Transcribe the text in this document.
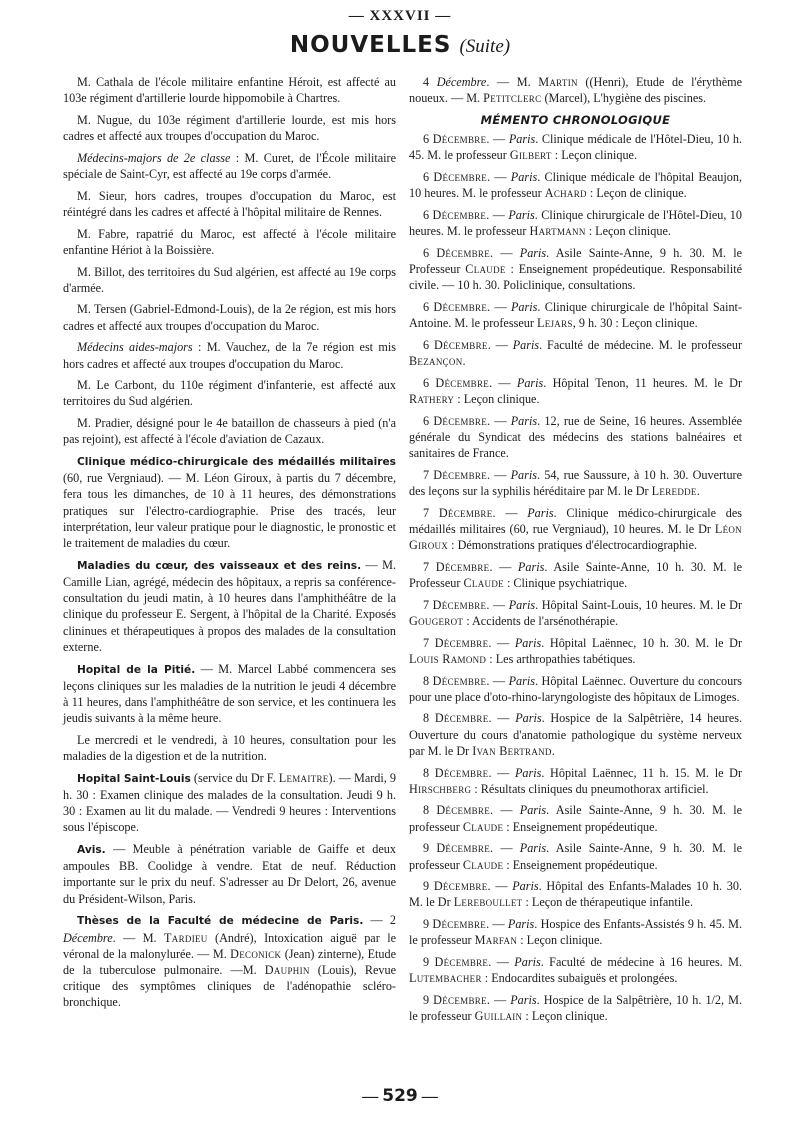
— XXXVII —
NOUVELLES (Suite)

M. Cathala de l'école militaire enfantine Héroit, est affecté au 103e régiment d'artillerie lourde hippomobile à Chartres.

M. Nugue, du 103e régiment d'artillerie lourde, est mis hors cadres et affecté aux troupes d'occupation du Maroc.

Médecins-majors de 2e classe : M. Curet, de l'École militaire spéciale de Saint-Cyr, est affecté au 19e corps d'armée.

M. Sieur, hors cadres, troupes d'occupation du Maroc, est réintégré dans les cadres et affecté à l'hôpital militaire de Rennes.

M. Fabre, rapatrié du Maroc, est affecté à l'école militaire enfantine Hériot à la Boissière.

M. Billot, des territoires du Sud algérien, est affecté au 19e corps d'armée.

M. Tersen (Gabriel-Edmond-Louis), de la 2e région, est mis hors cadres et affecté aux troupes d'occupation du Maroc.

Médecins aides-majors : M. Vauchez, de la 7e région est mis hors cadres et affecté aux troupes d'occupation du Maroc.

M. Le Carbont, du 110e régiment d'infanterie, est affecté aux territoires du Sud algérien.

M. Pradier, désigné pour le 4e bataillon de chasseurs à pied (n'a pas rejoint), est affecté à l'école d'aviation de Cazaux.

Clinique médico-chirurgicale des médaillés militaires (60, rue Vergniaud). — M. Léon Giroux, à partis du 7 décembre, fera tous les dimanches, de 10 à 11 heures, des démonstrations pratiques sur l'électro-cardiographie. Prise des tracés, leur interprétation, leur valeur pratique pour le diagnostic, le pronostic et le traitement de maladies du cœur.

Maladies du cœur, des vaisseaux et des reins. — M. Camille Lian, agrégé, médecin des hôpitaux, a repris sa conférence-consultation du jeudi matin, à 10 heures dans l'amphithéâtre de la clinique du professeur E. Sergent, à l'hôpital de la Charité. Exposés clininues et thérapeutiques à propos des malades de la consultation externe.

Hopital de la Pitié. — M. Marcel Labbé commencera ses leçons cliniques sur les maladies de la nutrition le jeudi 4 décembre à 11 heures, dans l'amphithéâtre de son service, et les continuera les jeudis suivants à la même heure.

Le mercredi et le vendredi, à 10 heures, consultation pour les maladies de la digestion et de la nutrition.

Hopital Saint-Louis (service du Dr F. Lemaitre). — Mardi, 9 h. 30 : Examen clinique des malades de la consultation. Jeudi 9 h. 30 : Examen au lit du malade. — Vendredi 9 heures : Interventions sous l'épiscope.

Avis. — Meuble à pénétration variable de Gaiffe et deux ampoules BB. Coolidge à vendre. Etat de neuf. Réduction importante sur le prix du neuf. S'adresser au Dr Delort, 26, avenue du Président-Wilson, Paris.

Thèses de la Faculté de médecine de Paris. — 2 Décembre. — M. Tardieu (André), Intoxication aiguë par le véronal de la malonylurée. — M. Deconick (Jean) zinterne), Etude de la tuberculose pulmonaire. —M. Dauphin (Louis), Revue critique des symptômes cliniques de l'adénopathie scléro-bronchique.

4 Décembre. — M. Martin ((Henri), Etude de l'érythème noueux. — M. Petitclerc (Marcel), L'hygiène des piscines.

MÉMENTO CHRONOLOGIQUE

6 Décembre. — Paris. Clinique médicale de l'Hôtel-Dieu, 10 h. 45. M. le professeur Gilbert : Leçon clinique.

6 Décembre. — Paris. Clinique médicale de l'hôpital Beaujon, 10 heures. M. le professeur Achard : Leçon de clinique.

6 Décembre. — Paris. Clinique chirurgicale de l'Hôtel-Dieu, 10 heures. M. le professeur Hartmann : Leçon clinique.

6 Décembre. — Paris. Asile Sainte-Anne, 9 h. 30. M. le Professeur Claude : Enseignement propédeutique. Responsabilité civile. — 10 h. 30. Policlinique, consultations.

6 Décembre. — Paris. Clinique chirurgicale de l'hôpital Saint-Antoine. M. le professeur Lejars, 9 h. 30 : Leçon clinique.

6 Décembre. — Paris. Faculté de médecine. M. le professeur Bezançon.

6 Décembre. — Paris. Hôpital Tenon, 11 heures. M. le Dr Rathery : Leçon clinique.

6 Décembre. — Paris. 12, rue de Seine, 16 heures. Assemblée générale du Syndicat des médecins des stations balnéaires et sanitaires de France.

7 Décembre. — Paris. 54, rue Saussure, à 10 h. 30. Ouverture des leçons sur la syphilis héréditaire par M. le Dr Lereddе.

7 Décembre. — Paris. Clinique médico-chirurgicale des médaillés militaires (60, rue Vergniaud), 10 heures. M. le Dr Léon Giroux : Démonstrations pratiques d'électrocardiographie.

7 Décembre. — Paris. Asile Sainte-Anne, 10 h. 30. M. le Professeur Claude : Clinique psychiatrique.

7 Décembre. — Paris. Hôpital Saint-Louis, 10 heures. M. le Dr Gougerot : Accidents de l'arsénothérapie.

7 Décembre. — Paris. Hôpital Laënnec, 10 h. 30. M. le Dr Louis Ramond : Les arthropathies tabétiques.

8 Décembre. — Paris. Hôpital Laënnec. Ouverture du concours pour une place d'oto-rhino-laryngologiste des hôpitaux de Limoges.

8 Décembre. — Paris. Hospice de la Salpêtrière, 14 heures. Ouverture du cours d'anatomie pathologique du système nerveux par M. le Dr Ivan Bertrand.

8 Décembre. — Paris. Hôpital Laënnec, 11 h. 15. M. le Dr Hirschberg : Résultats cliniques du pneumothorax artificiel.

8 Décembre. — Paris. Asile Sainte-Anne, 9 h. 30. M. le professeur Claude : Enseignement propédeutique.

9 Décembre. — Paris. Asile Sainte-Anne, 9 h. 30. M. le professeur Claude : Enseignement propédeutique.

9 Décembre. — Paris. Hôpital des Enfants-Malades 10 h. 30. M. le Dr Lereboullet : Leçon de thérapeutique infantile.

9 Décembre. — Paris. Hospice des Enfants-Assistés 9 h. 45. M. le professeur Marfan : Leçon clinique.

9 Décembre. — Paris. Faculté de médecine à 16 heures. M. Lutembacher : Endocardites subaiguës et prolongées.

9 Décembre. — Paris. Hospice de la Salpêtrière, 10 h. 1/2, M. le professeur Guillain : Leçon clinique.

— 529 —
